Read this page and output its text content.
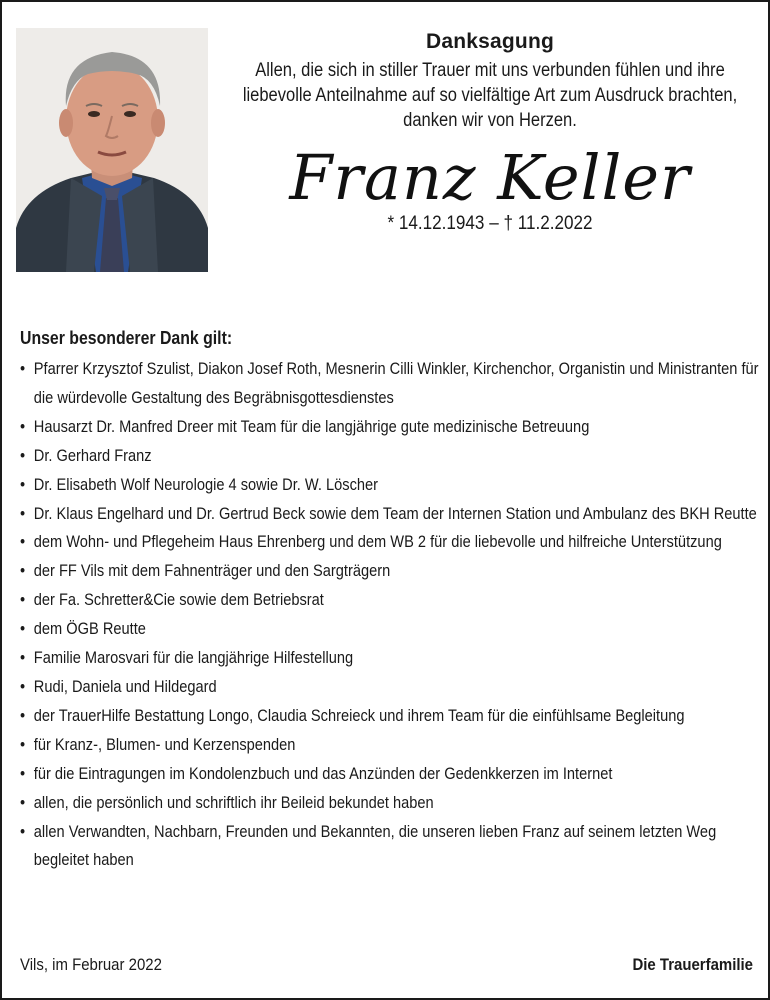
Danksagung

Allen, die sich in stiller Trauer mit uns verbunden fühlen und ihre liebevolle Anteilnahme auf so vielfältige Art zum Ausdruck brachten, danken wir von Herzen.

Franz Keller
* 14.12.1943 – † 11.2.2022
Unser besonderer Dank gilt:
• Pfarrer Krzysztof Szulist, Diakon Josef Roth, Mesnerin Cilli Winkler, Kirchenchor, Organistin und Ministranten für die würdevolle Gestaltung des Begräbnisgottesdienstes
• Hausarzt Dr. Manfred Dreer mit Team für die langjährige gute medizinische Betreuung
• Dr. Gerhard Franz
• Dr. Elisabeth Wolf Neurologie 4 sowie Dr. W. Löscher
• Dr. Klaus Engelhard und Dr. Gertrud Beck sowie dem Team der Internen Station und Ambulanz des BKH Reutte
• dem Wohn- und Pflegeheim Haus Ehrenberg und dem WB 2 für die liebevolle und hilfreiche Unterstützung
• der FF Vils mit dem Fahnenträger und den Sargträgern
• der Fa. Schretter&Cie sowie dem Betriebsrat
• dem ÖGB Reutte
• Familie Marosvari für die langjährige Hilfestellung
• Rudi, Daniela und Hildegard
• der TrauerHilfe Bestattung Longo, Claudia Schreieck und ihrem Team für die einfühlsame Begleitung
• für Kranz-, Blumen- und Kerzenspenden
• für die Eintragungen im Kondolenzbuch und das Anzünden der Gedenkkerzen im Internet
• allen, die persönlich und schriftlich ihr Beileid bekundet haben
• allen Verwandten, Nachbarn, Freunden und Bekannten, die unseren lieben Franz auf seinem letzten Weg begleitet haben
Vils, im Februar 2022	Die Trauerfamilie
